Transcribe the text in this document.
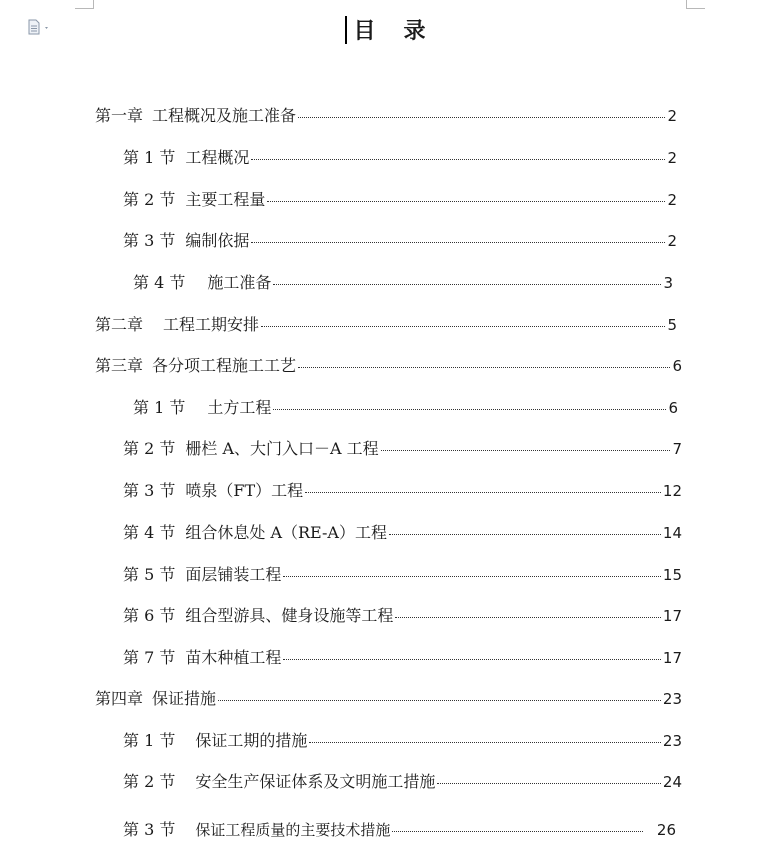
目 录
第一章 工程概况及施工准备	2
第 1 节 工程概况	2
第 2 节 主要工程量	2
第 3 节 编制依据	2
第 4 节 施工准备	3
第二章 工程工期安排	5
第三章 各分项工程施工工艺	6
第 1 节 土方工程	6
第 2 节 栅栏 A、大门入口－A 工程	7
第 3 节 喷泉（FT）工程	12
第 4 节 组合休息处 A（RE-A）工程	14
第 5 节 面层铺装工程	15
第 6 节 组合型游具、健身设施等工程	17
第 7 节 苗木种植工程	17
第四章 保证措施	23
第 1 节 保证工期的措施	23
第 2 节 安全生产保证体系及文明施工措施	24
第 3 节 保证工程质量的主要技术措施	26
